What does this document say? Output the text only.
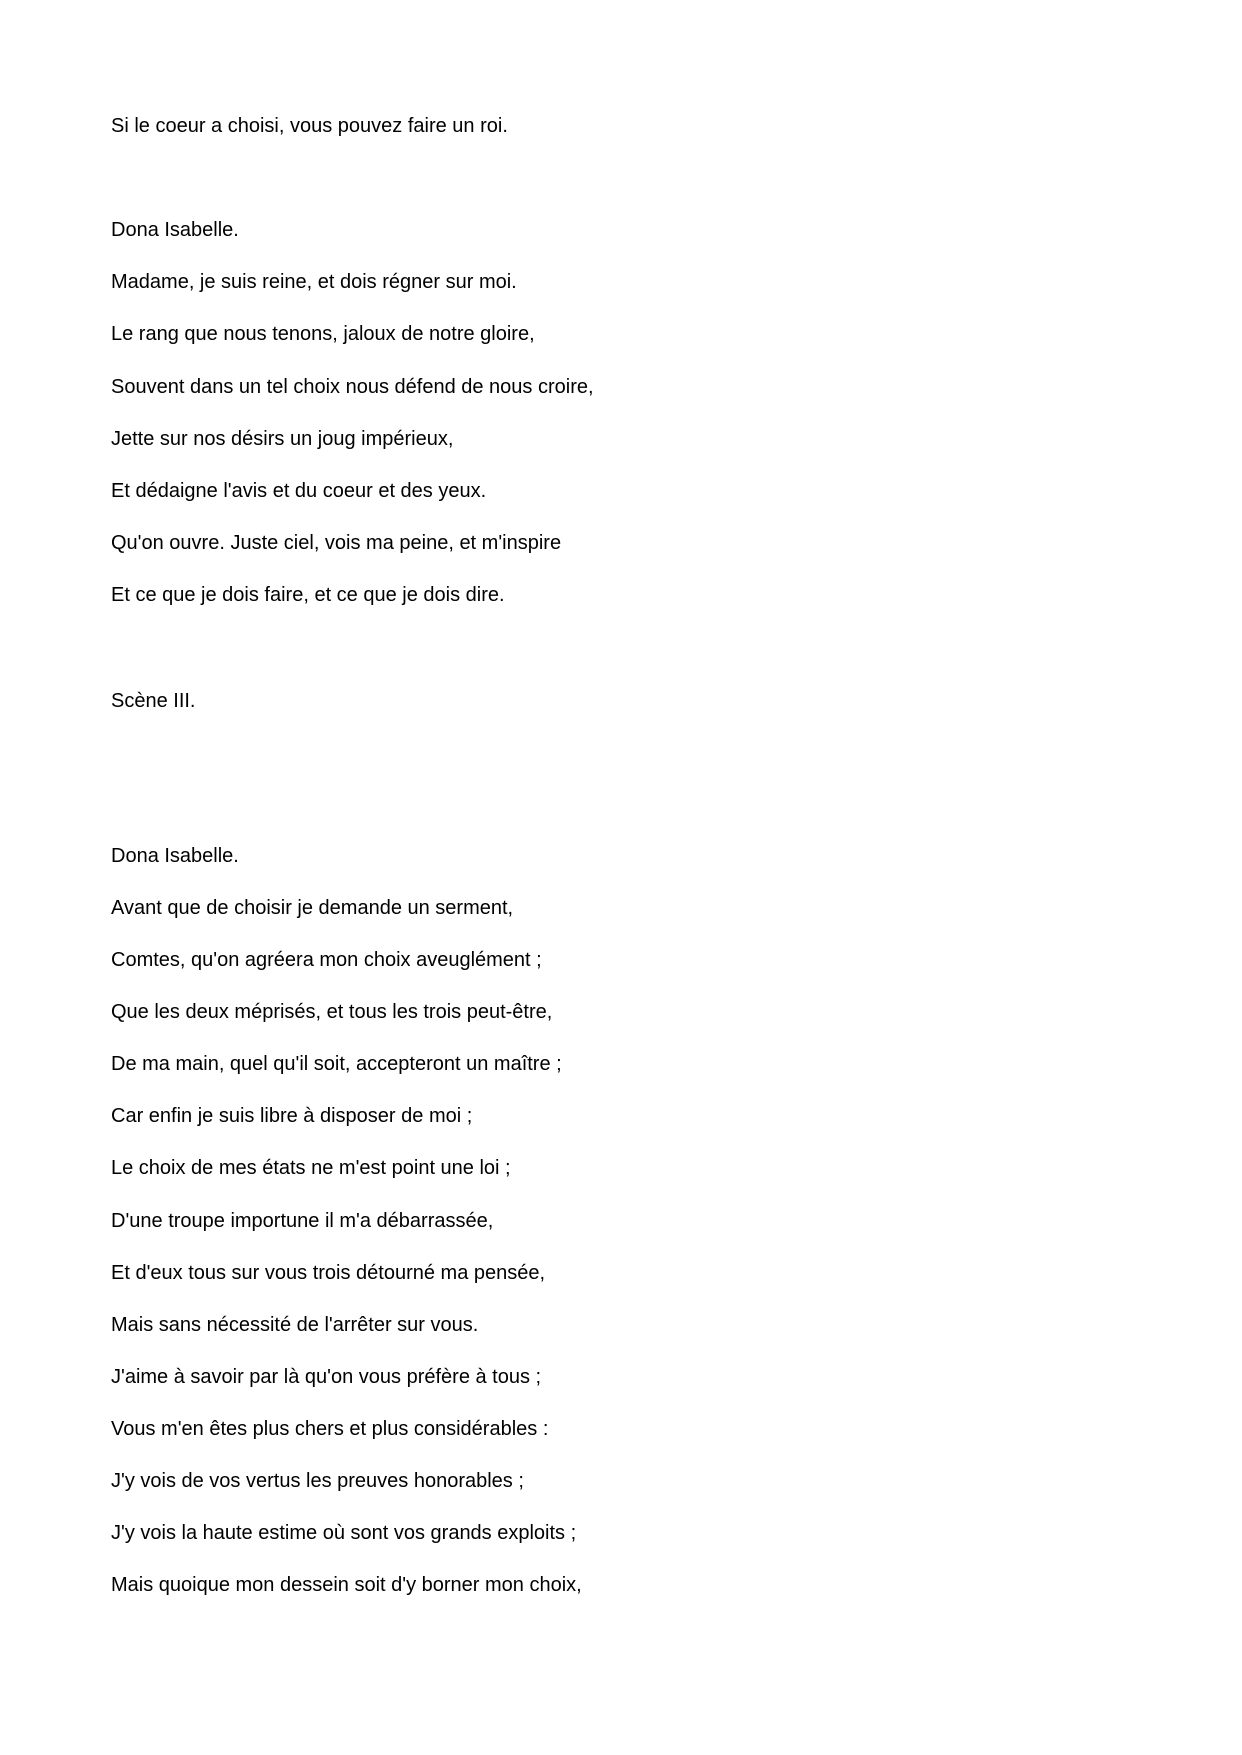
Si le coeur a choisi, vous pouvez faire un roi.

Dona Isabelle.

Madame, je suis reine, et dois régner sur moi.

Le rang que nous tenons, jaloux de notre gloire,

Souvent dans un tel choix nous défend de nous croire,

Jette sur nos désirs un joug impérieux,

Et dédaigne l'avis et du coeur et des yeux.

Qu'on ouvre. Juste ciel, vois ma peine, et m'inspire

Et ce que je dois faire, et ce que je dois dire.

Scène III.

Dona Isabelle.

Avant que de choisir je demande un serment,

Comtes, qu'on agréera mon choix aveuglément ;

Que les deux méprisés, et tous les trois peut-être,

De ma main, quel qu'il soit, accepteront un maître ;

Car enfin je suis libre à disposer de moi ;

Le choix de mes états ne m'est point une loi ;

D'une troupe importune il m'a débarrassée,

Et d'eux tous sur vous trois détourné ma pensée,

Mais sans nécessité de l'arrêter sur vous.

J'aime à savoir par là qu'on vous préfère à tous ;

Vous m'en êtes plus chers et plus considérables :

J'y vois de vos vertus les preuves honorables ;

J'y vois la haute estime où sont vos grands exploits ;

Mais quoique mon dessein soit d'y borner mon choix,
